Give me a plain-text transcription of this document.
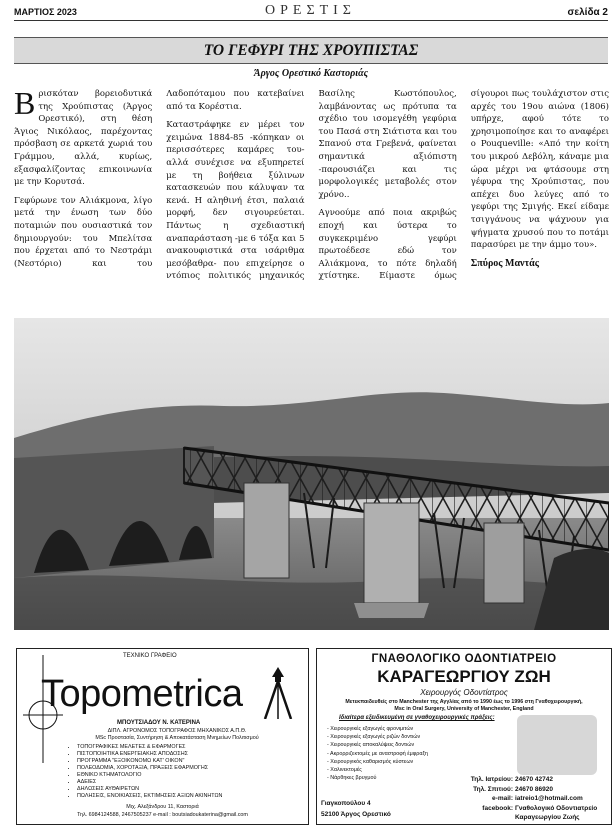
ΜΑΡΤΙΟΣ 2023	ΟΡΕΣΤΙΣ	σελίδα 2
ΤΟ ΓΕΦΥΡΙ ΤΗΣ ΧΡΟΥΠΙΣΤΑΣ
Άργος Ορεστικό Καστοριάς

Βρισκόταν βορειοδυτικά της Χρούπιστας (Άργος Ορεστικό), στη θέση Άγιος Νικόλαος, παρέχοντας πρόσβαση σε αρκετά χωριά του Γράμμου, αλλά, κυρίως, εξασφαλίζοντας επικοινωνία με την Κορυτσά.

Γεφύρωνε τον Αλιάκμονα, λίγο μετά την ένωση των δύο ποταμιών που ουσιαστικά τον δημιουργούν: του Μπελίτσα που έρχεται από το Νεστράμι (Νεστόριο) και του Λαδοπόταμου που κατεβαίνει από τα Κορέστια.

Καταστράφηκε εν μέρει τον χειμώνα 1884-85 -κόπηκαν οι περισσότερες καμάρες του- αλλά συνέχισε να εξυπηρετεί με τη βοήθεια ξύλινων κατασκευών που κάλυψαν τα κενά. Η αληθινή έτσι, παλαιά μορφή, δεν σιγουρεύεται. Πάντως η σχεδιαστική αναπαράσταση -με 6 τόξα και 5 ανακουφιστικά στα ισάριθμα μεσόβαθρα- που επιχείρησε ο ντόπιος πολιτικός μηχανικός Βασίλης Κωστόπουλος, λαμβάνοντας ως πρότυπα τα σχέδιο του ισομεγέθη γεφύρια του Πασά στη Σιάτιστα και του Σπανού στα Γρεβενά, φαίνεται σημαντικά αξιόπιστη -παρουσιάζει και τις μορφολογικές μεταβολές στον χρόνο..

Αγνοούμε από ποια ακριβώς εποχή και ύστερα το συγκεκριμένο γεφύρι πρωτοέδεσε εδώ τον Αλιάκμονα, το πότε δηλαδή χτίστηκε. Είμαστε όμως σίγουροι πως τουλάχιστον στις αρχές του 19ου αιώνα (1806) υπήρχε, αφού τότε το χρησιμοποίησε και το αναφέρει ο Pouqueville: «Από την κοίτη του μικρού Δεβόλη, κάναμε μια ώρα μέχρι να φτάσουμε στη γέφυρα της Χρούπιστας, που απέχει δυο λεύγες από το γεφύρι της Σμιγής. Εκεί είδαμε τσιγγάνους να ψάχνουν για ψήγματα χρυσού που το ποτάμι παρασύρει με την άμμο του».

Σπύρος Μαντάς
ΤΕΧΝΙΚΟ ΓΡΑΦΕΙΟ
Topometrica
ΜΠΟΥΤΣΙΑΔΟΥ Ν. ΚΑΤΕΡΙΝΑ
ΔΙΠΛ. ΑΓΡΟΝΟΜΟΣ ΤΟΠΟΓΡΑΦΟΣ ΜΗΧΑΝΙΚΟΣ Α.Π.Θ.
MSc Προστασία, Συντήρηση & Αποκατάσταση Μνημείων Πολιτισμού
• ΤΟΠΟΓΡΑΦΙΚΕΣ ΜΕΛΕΤΕΣ & ΕΦΑΡΜΟΓΕΣ
• ΠΙΣΤΟΠΟΙΗΤΙΚΑ ΕΝΕΡΓΕΙΑΚΗΣ ΑΠΟΔΟΣΗΣ
• ΠΡΟΓΡΑΜΜΑ "ΕΞΟΙΚΟΝΟΜΩ ΚΑΤ' ΟΙΚΟΝ"
• ΠΟΛΕΟΔΟΜΙΑ, ΧΟΡΟΤΑΞΙΑ, ΠΡΑΞΕΙΣ ΕΦΑΡΜΟΓΗΣ
• ΕΘΝΙΚΟ ΚΤΗΜΑΤΟΛΟΓΙΟ
• ΑΔΕΙΕΣ
• ΔΗΛΩΣΕΙΣ ΑΥΘΑΙΡΕΤΩΝ
• ΠΩΛΗΣΕΙΣ, ΕΝΟΙΚΙΑΣΕΙΣ, ΕΚΤΙΜΗΣΕΙΣ ΑΞΙΩΝ ΑΚΙΝΗΤΩΝ
Μιχ. Αλεξάνδρου 11, Καστοριά
Τηλ. 6984124588, 2467505237 e-mail : boutsiadoukaterina@gmail.com
ΓΝΑΘΟΛΟΓΙΚΟ ΟΔΟΝΤΙΑΤΡΕΙΟ
ΚΑΡΑΓΕΩΡΓΙΟΥ ΖΩΗ
Χειρουργός Οδοντίατρος
Μετεκπαιδευθείς στο Manchester της Αγγλίας από το 1990 έως το 1996 στη Γναθοχειρουργική,
Msc in Oral Surgery, University of Manchester, England
Ιδιαίτερα εξειδικευμένη σε γναθοχειρουργικές πράξεις:
- Χειρουργικές εξαγωγές φρονιμιτών
- Χειρουργικές εξαγωγές ριζών δοντιών
- Χειρουργικές αποκαλύψεις δοντιών
- Ακρορριζεκτομές με αναστροφή έμφραξη
- Χειρουργικός καθαρισμός κύστεων
- Χαλινεκτομές
- Νάρθηκες βρυγμού
Γιαγκοπούλου 4
52100 Άργος Ορεστικό
Τηλ. Ιατρείου:
Τηλ. Σπιτιού:
e-mail:
facebook:
24670 42742
24670 86920
iatreio1@hotmail.com
Γναθολογικό Οδοντιατρείο
Καραγεωργίου Ζωής
